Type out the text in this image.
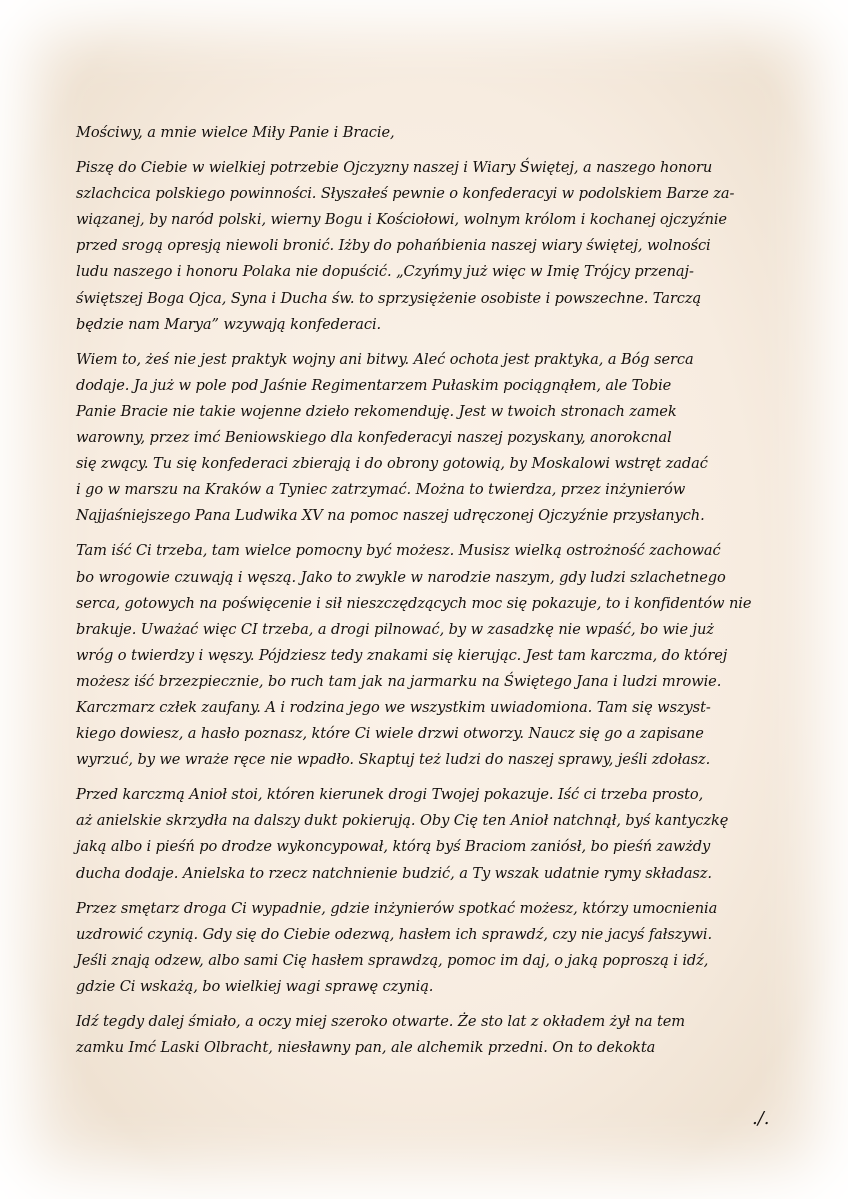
Mościwy, a mnie wielce Miły Panie i Bracie,
Piszę do Ciebie w wielkiej potrzebie Ojczyzny naszej i Wiary Świętej, a naszego honoru
szlachcica polskiego powinności. Słyszałeś pewnie o konfederacyi w podolskiem Barze za-
wiązanej, by naród polski, wierny Bogu i Kościołowi, wolnym królom i kochanej ojczyźnie
przed srogą opresją niewoli bronić. Iżby do pohańbienia naszej wiary świętej, wolności
ludu naszego i honoru Polaka nie dopuścić. „Czyńmy już więc w Imię Trójcy przenaj-
świętszej Boga Ojca, Syna i Ducha św. to sprzysiężenie osobiste i powszechne. Tarczą
będzie nam Marya” wzywają konfederaci.
Wiem to, żeś nie jest praktyk wojny ani bitwy. Aleć ochota jest praktyka, a Bóg serca
dodaje. Ja już w pole pod Jaśnie Regimentarzem Pułaskim pociągnąłem, ale Tobie
Panie Bracie nie takie wojenne dzieło rekomenduję. Jest w twoich stronach zamek
warowny, przez imć Beniowskiego dla konfederacyi naszej pozyskany, anorokcnal
się zwący. Tu się konfederaci zbierają i do obrony gotowią, by Moskalowi wstręt zadać
i go w marszu na Kraków a Tyniec zatrzymać. Można to twierdza, przez inżynierów
Najjaśniejszego Pana Ludwika XV na pomoc naszej udręczonej Ojczyźnie przysłanych.
Tam iść Ci trzeba, tam wielce pomocny być możesz. Musisz wielką ostrożność zachować
bo wrogowie czuwają i węszą. Jako to zwykle w narodzie naszym, gdy ludzi szlachetnego
serca, gotowych na poświęcenie i sił nieszczędzących moc się pokazuje, to i konfidentów nie
brakuje. Uważać więc CI trzeba, a drogi pilnować, by w zasadzkę nie wpaść, bo wie już
wróg o twierdzy i węszy. Pójdziesz tedy znakami się kierując. Jest tam karczma, do której
możesz iść brzezpiecznie, bo ruch tam jak na jarmarku na Świętego Jana i ludzi mrowie.
Karczmarz człek zaufany. A i rodzina jego we wszystkim uwiadomiona. Tam się wszyst-
kiego dowiesz, a hasło poznasz, które Ci wiele drzwi otworzy. Naucz się go a zapisane
wyrzuć, by we wraże ręce nie wpadło. Skaptuj też ludzi do naszej sprawy, jeśli zdołasz.
Przed karczmą Anioł stoi, któren kierunek drogi Twojej pokazuje. Iść ci trzeba prosto,
aż anielskie skrzydła na dalszy dukt pokierują. Oby Cię ten Anioł natchnął, byś kantyczkę
jaką albo i pieśń po drodze wykoncypował, którą byś Braciom zaniósł, bo pieśń zawżdy
ducha dodaje. Anielska to rzecz natchnienie budzić, a Ty wszak udatnie rymy składasz.
Przez smętarz droga Ci wypadnie, gdzie inżynierów spotkać możesz, którzy umocnienia
uzdrowić czynią. Gdy się do Ciebie odezwą, hasłem ich sprawdź, czy nie jacyś fałszywi.
Jeśli znają odzew, albo sami Cię hasłem sprawdzą, pomoc im daj, o jaką poproszą i idź,
gdzie Ci wskażą, bo wielkiej wagi sprawę czynią.
Idź tegdy dalej śmiało, a oczy miej szeroko otwarte. Że sto lat z okładem żył na tem
zamku Imć Laski Olbracht, niesławny pan, ale alchemik przedni. On to dekokta
./.
